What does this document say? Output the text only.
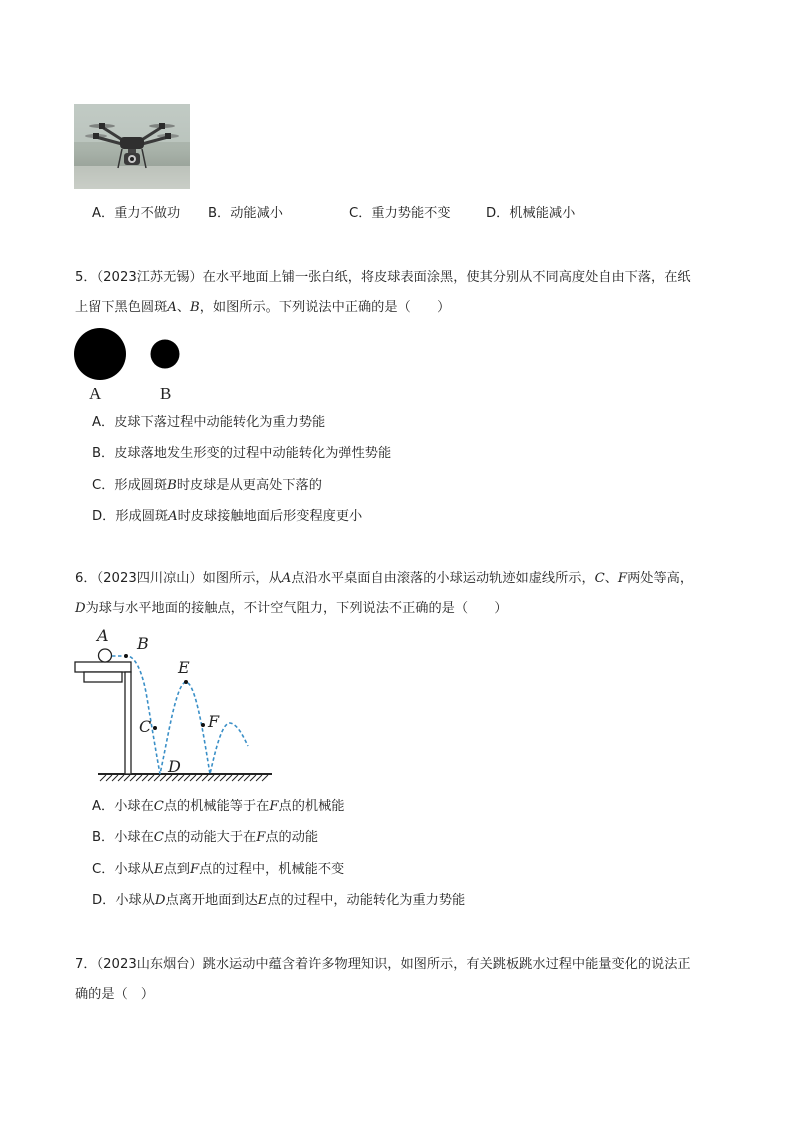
A．重力不做功 B．动能减小	C．重力势能不变	D．机械能减小
5．（2023江苏无锡）在水平地面上铺一张白纸，将皮球表面涂黑，使其分别从不同高度处自由下落，在纸
上留下黑色圆斑A、B，如图所示。下列说法中正确的是（　　）
A	B
A．皮球下落过程中动能转化为重力势能
B．皮球落地发生形变的过程中动能转化为弹性势能
C．形成圆斑B时皮球是从更高处下落的
D．形成圆斑A时皮球接触地面后形变程度更小
6．（2023四川凉山）如图所示，从A点沿水平桌面自由滚落的小球运动轨迹如虚线所示，C、F两处等高，
D为球与水平地面的接触点，不计空气阻力，下列说法不正确的是（　　）
A B
E
F
C
D
A．小球在C点的机械能等于在F点的机械能
B．小球在C点的动能大于在F点的动能
C．小球从E点到F点的过程中，机械能不变
D．小球从D点离开地面到达E点的过程中，动能转化为重力势能
7．（2023山东烟台）跳水运动中蕴含着许多物理知识，如图所示，有关跳板跳水过程中能量变化的说法正
确的是（　）
